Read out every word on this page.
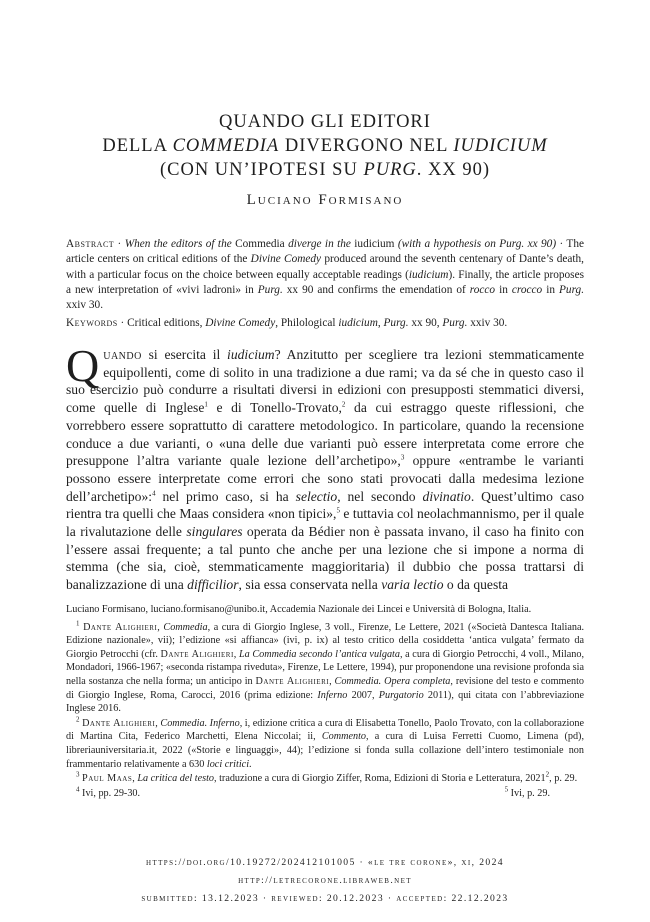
QUANDO GLI EDITORI
DELLA COMMEDIA DIVERGONO NEL IUDICIUM
(CON UN’IPOTESI SU PURG. XX 90)
Luciano Formisano
Abstract · When the editors of the Commedia diverge in the iudicium (with a hypothesis on Purg. xx 90) · The article centers on critical editions of the Divine Comedy produced around the seventh centenary of Dante’s death, with a particular focus on the choice between equally acceptable readings (iudicium). Finally, the article proposes a new interpretation of «vivi ladroni» in Purg. xx 90 and confirms the emendation of rocco in crocco in Purg. xxiv 30.
Keywords · Critical editions, Divine Comedy, Philological iudicium, Purg. xx 90, Purg. xxiv 30.
Quando si esercita il iudicium? Anzitutto per scegliere tra lezioni stemmaticamente equipollenti, come di solito in una tradizione a due rami; va da sé che in questo caso il suo esercizio può condurre a risultati diversi in edizioni con presupposti stemmatici diversi, come quelle di Inglese$^1$ e di Tonello-Trovato,$^2$ da cui estraggo queste riflessioni, che vorrebbero essere soprattutto di carattere metodologico. In particolare, quando la recensione conduce a due varianti, o «una delle due varianti può essere interpretata come errore che presuppone l’altra variante quale lezione dell’archetipo»,$^3$ oppure «entrambe le varianti possono essere interpretate come errori che sono stati provocati dalla medesima lezione dell’archetipo»:$^4$ nel primo caso, si ha selectio, nel secondo divinatio. Quest’ultimo caso rientra tra quelli che Maas considera «non tipici»,$^5$ e tuttavia col neolachmannismo, per il quale la rivalutazione delle singulares operata da Bédier non è passata invano, il caso ha finito con l’essere assai frequente; a tal punto che anche per una lezione che si impone a norma di stemma (che sia, cioè, stemmaticamente maggioritaria) il dubbio che possa trattarsi di banalizzazione di una difficilior, sia essa conservata nella varia lectio o da questa

Luciano Formisano, luciano.formisano@unibo.it, Accademia Nazionale dei Lincei e Università di Bologna, Italia.

$^1$ Dante Alighieri, Commedia, a cura di Giorgio Inglese, 3 voll., Firenze, Le Lettere, 2021 («Società Dantesca Italiana. Edizione nazionale», vii); l’edizione «si affianca» (ivi, p. ix) al testo critico della cosiddetta ‘antica vulgata’ fermato da Giorgio Petrocchi (cfr. Dante Alighieri, La Commedia secondo l’antica vulgata, a cura di Giorgio Petrocchi, 4 voll., Milano, Mondadori, 1966-1967; «seconda ristampa riveduta», Firenze, Le Lettere, 1994), pur proponendone una revisione profonda sia nella sostanza che nella forma; un anticipo in Dante Alighieri, Commedia. Opera completa, revisione del testo e commento di Giorgio Inglese, Roma, Carocci, 2016 (prima edizione: Inferno 2007, Purgatorio 2011), qui citata con l’abbreviazione Inglese 2016.

$^2$ Dante Alighieri, Commedia. Inferno, i, edizione critica a cura di Elisabetta Tonello, Paolo Trovato, con la collaborazione di Martina Cita, Federico Marchetti, Elena Niccolai; ii, Commento, a cura di Luisa Ferretti Cuomo, Limena (pd), libreriauniversitaria.it, 2022 («Storie e linguaggi», 44); l’edizione si fonda sulla collazione dell’intero testimoniale non frammentario relativamente a 630 loci critici.

$^3$ Paul Maas, La critica del testo, traduzione a cura di Giorgio Ziffer, Roma, Edizioni di Storia e Letteratura, 2021$^2$, p. 29.

$^4$ Ivi, pp. 29-30.	$^5$ Ivi, p. 29.
https://doi.org/10.19272/202412101005 · «le tre corone», xi, 2024
http://letrecorone.libraweb.net
submitted: 13.12.2023 · reviewed: 20.12.2023 · accepted: 22.12.2023
